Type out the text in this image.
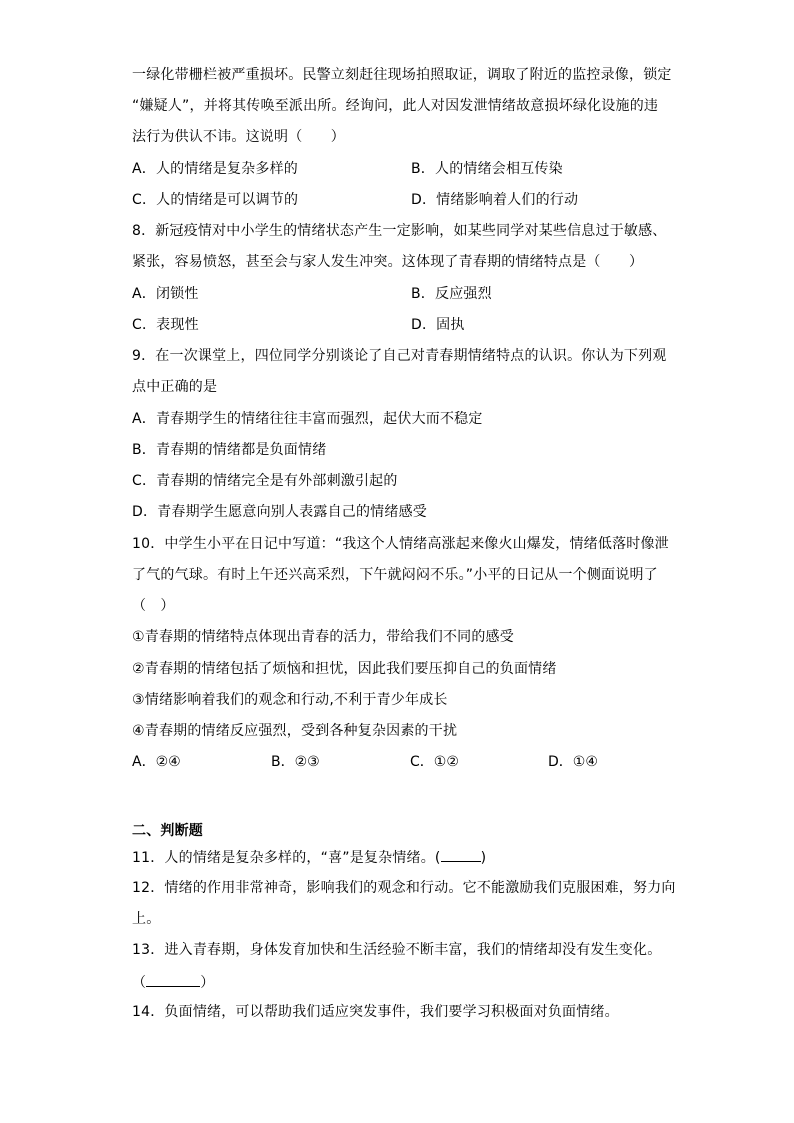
一绿化带栅栏被严重损坏。民警立刻赶往现场拍照取证，调取了附近的监控录像，锁定
“嫌疑人”，并将其传唤至派出所。经询问，此人对因发泄情绪故意损坏绿化设施的违
法行为供认不讳。这说明（　　）
A．人的情绪是复杂多样的	B．人的情绪会相互传染
C．人的情绪是可以调节的	D．情绪影响着人们的行动
8．新冠疫情对中小学生的情绪状态产生一定影响，如某些同学对某些信息过于敏感、
紧张，容易愤怒，甚至会与家人发生冲突。这体现了青春期的情绪特点是（　　）
A．闭锁性	B．反应强烈
C．表现性	D．固执
9．在一次课堂上，四位同学分别谈论了自己对青春期情绪特点的认识。你认为下列观
点中正确的是
A．青春期学生的情绪往往丰富而强烈，起伏大而不稳定
B．青春期的情绪都是负面情绪
C．青春期的情绪完全是有外部刺激引起的
D．青春期学生愿意向别人表露自己的情绪感受
10．中学生小平在日记中写道：“我这个人情绪高涨起来像火山爆发，情绪低落时像泄
了气的气球。有时上午还兴高采烈，下午就闷闷不乐。”小平的日记从一个侧面说明了
（　）
①青春期的情绪特点体现出青春的活力，带给我们不同的感受
②青春期的情绪包括了烦恼和担忧，因此我们要压抑自己的负面情绪
③情绪影响着我们的观念和行动,不利于青少年成长
④青春期的情绪反应强烈，受到各种复杂因素的干扰
A．②④	B．②③	C．①②	D．①④
二、判断题
11．人的情绪是复杂多样的，“喜”是复杂情绪。(	)
12．情绪的作用非常神奇，影响我们的观念和行动。它不能激励我们克服困难，努力向
上。
13．进入青春期，身体发育加快和生活经验不断丰富，我们的情绪却没有发生变化。
（	）
14．负面情绪，可以帮助我们适应突发事件，我们要学习积极面对负面情绪。
